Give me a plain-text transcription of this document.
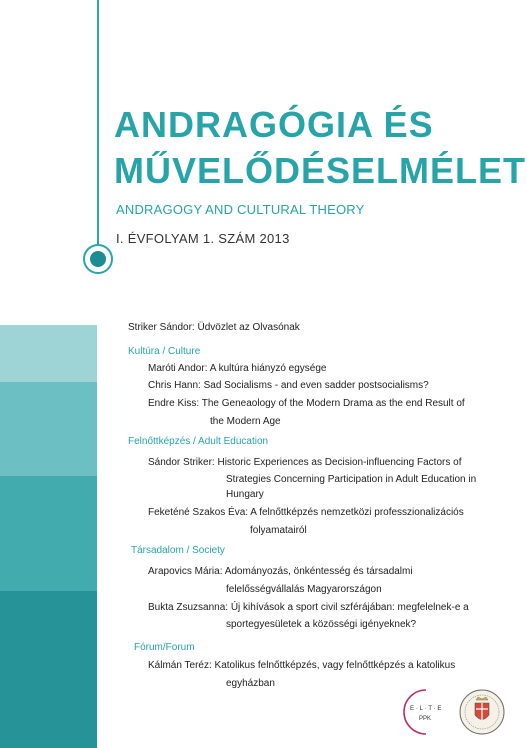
ANDRAGÓGIA ÉS
MŰVELŐDÉSELMÉLET
ANDRAGOGY AND CULTURAL THEORY
I. ÉVFOLYAM 1. SZÁM 2013
Striker Sándor: Üdvözlet az Olvasónak
Kultúra / Culture
Maróti Andor: A kultúra hiányzó egysége
Chris Hann: Sad Socialisms - and even sadder postsocialisms?
Endre Kiss: The Geneaology of the Modern Drama as the end Result of
the Modern Age
Felnőttképzés / Adult Education
Sándor Striker: Historic Experiences as Decision-influencing Factors of
Strategies Concerning Participation in Adult Education in
Hungary
Feketéné Szakos Éva: A felnőttképzés nemzetközi professzionalizációs
folyamatairól
Társadalom / Society
Arapovics Mária: Adományozás, önkéntesség és társadalmi
felelősségvállalás Magyarországon
Bukta Zsuzsanna: Új kihívások a sport civil szférájában: megfelelnek-e a
sportegyesületek a közösségi igényeknek?
Fórum/Forum
Kálmán Teréz: Katolikus felnőttképzés, vagy felnőttképzés a katolikus
egyházban
E · L · T · E
PPK
